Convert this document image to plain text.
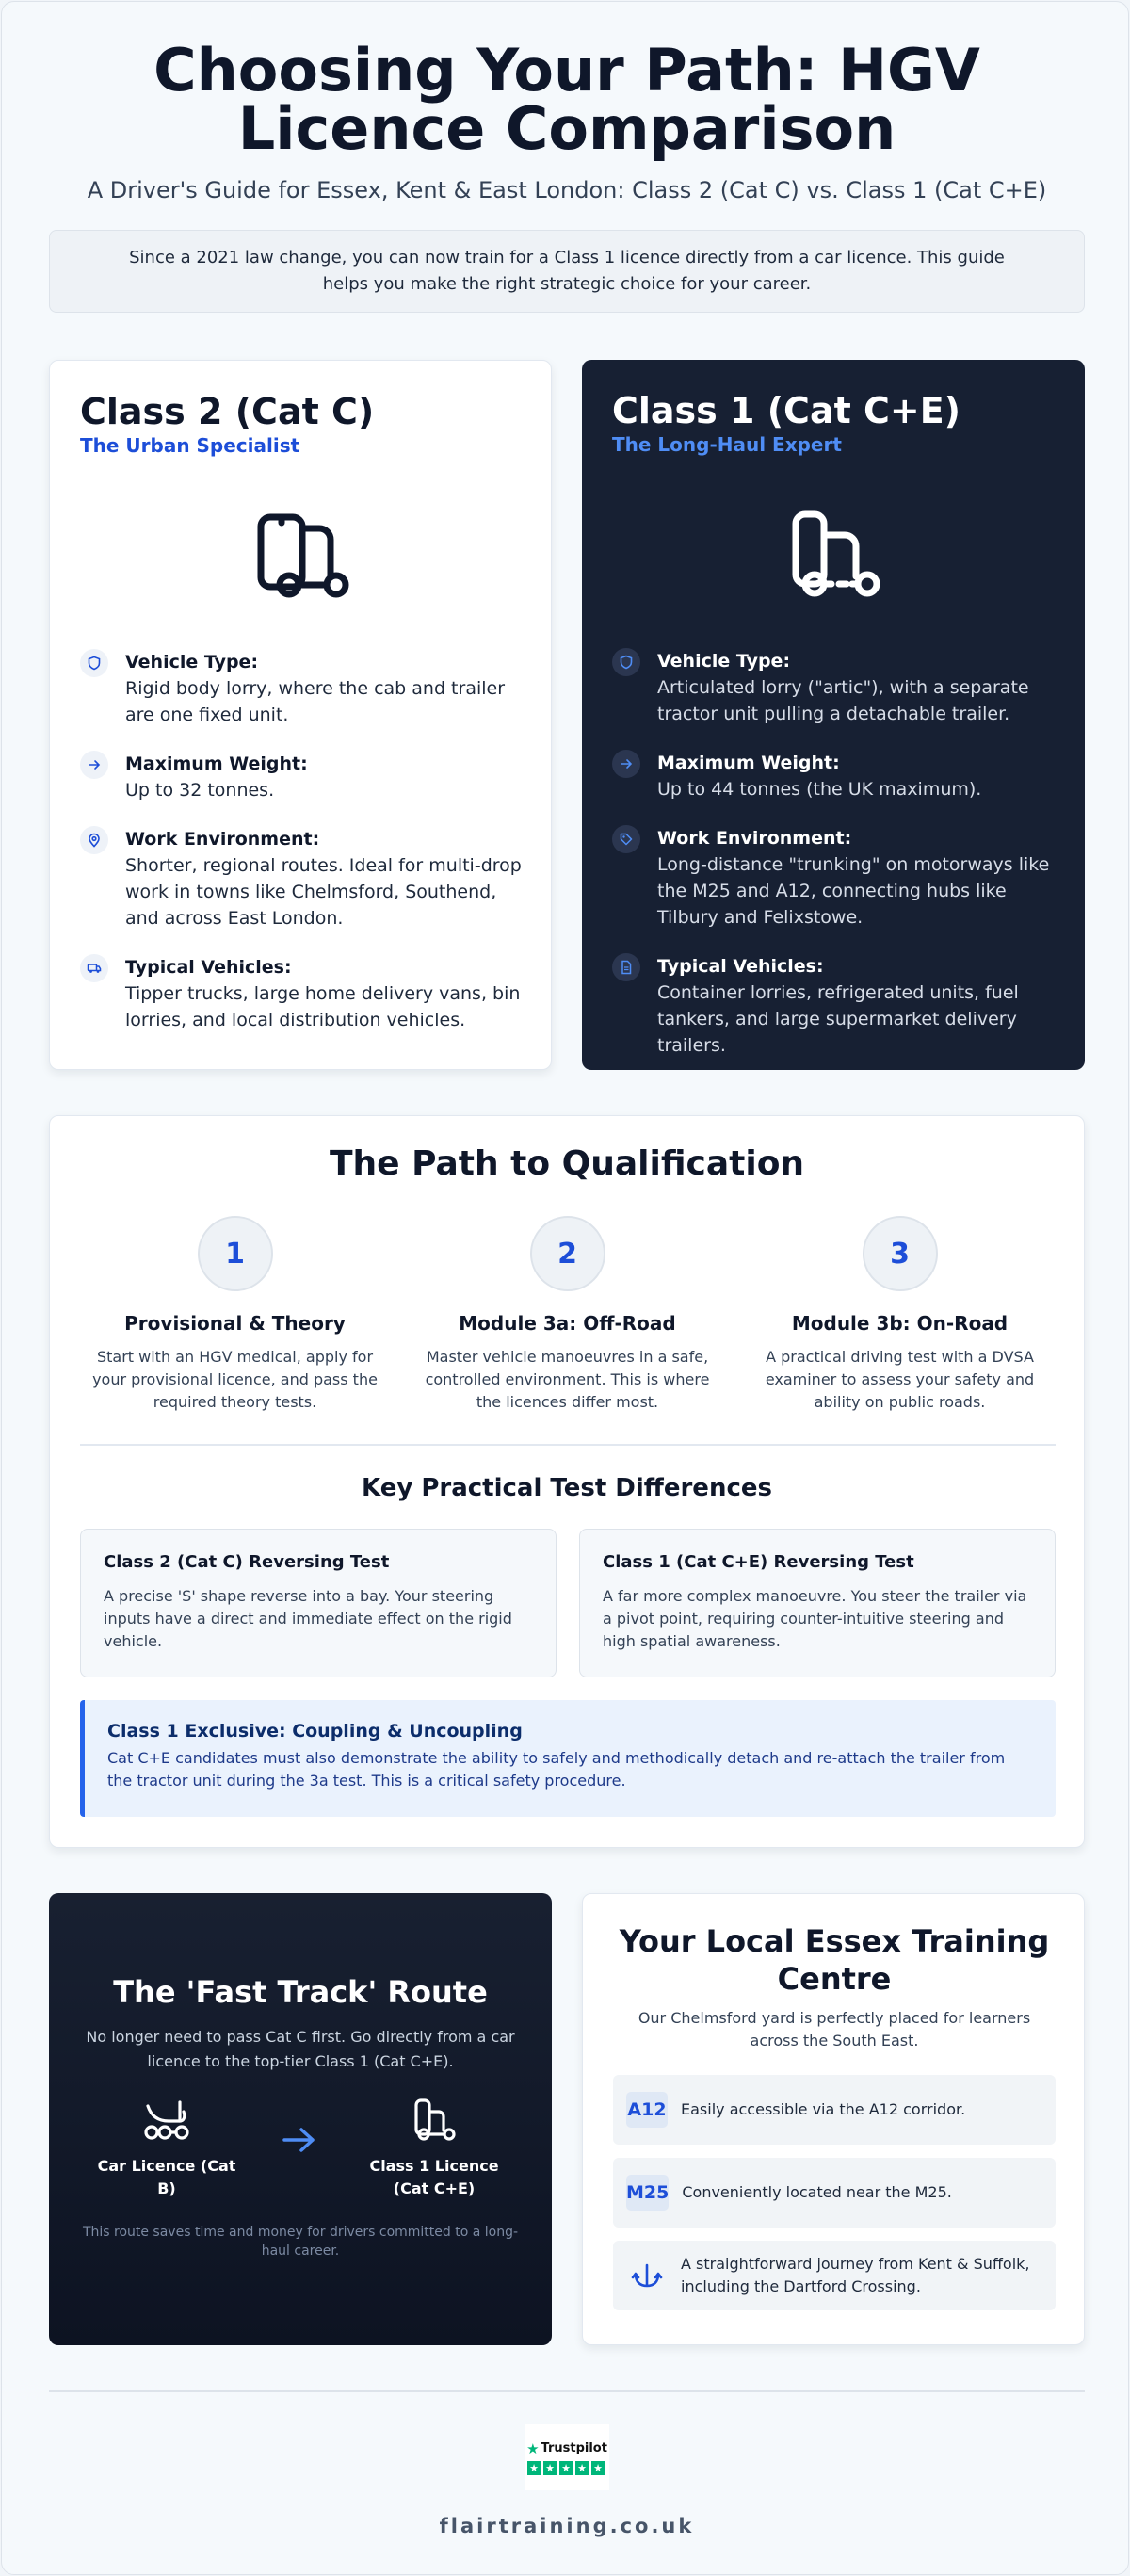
Choosing Your Path: HGV Licence Comparison

A Driver's Guide for Essex, Kent & East London: Class 2 (Cat C) vs. Class 1 (Cat C+E)

Since a 2021 law change, you can now train for a Class 1 licence directly from a car licence. This guide helps you make the right strategic choice for your career.
Class 2 (Cat C)
The Urban Specialist
Vehicle Type:
Rigid body lorry, where the cab and trailer are one fixed unit.
Maximum Weight:
Up to 32 tonnes.
Work Environment:
Shorter, regional routes. Ideal for multi-drop work in towns like Chelmsford, Southend, and across East London.
Typical Vehicles:
Tipper trucks, large home delivery vans, bin lorries, and local distribution vehicles.
Class 1 (Cat C+E)
The Long-Haul Expert
Vehicle Type:
Articulated lorry ("artic"), with a separate tractor unit pulling a detachable trailer.
Maximum Weight:
Up to 44 tonnes (the UK maximum).
Work Environment:
Long-distance "trunking" on motorways like the M25 and A12, connecting hubs like Tilbury and Felixstowe.
Typical Vehicles:
Container lorries, refrigerated units, fuel tankers, and large supermarket delivery trailers.
The Path to Qualification
1
Provisional & Theory

Start with an HGV medical, apply for your provisional licence, and pass the required theory tests.

2
Module 3a: Off-Road

Master vehicle manoeuvres in a safe, controlled environment. This is where the licences differ most.

3
Module 3b: On-Road

A practical driving test with a DVSA examiner to assess your safety and ability on public roads.

Key Practical Test Differences
Class 2 (Cat C) Reversing Test

A precise 'S' shape reverse into a bay. Your steering inputs have a direct and immediate effect on the rigid vehicle.

Class 1 (Cat C+E) Reversing Test

A far more complex manoeuvre. You steer the trailer via a pivot point, requiring counter-intuitive steering and high spatial awareness.

Class 1 Exclusive: Coupling & Uncoupling

Cat C+E candidates must also demonstrate the ability to safely and methodically detach and re-attach the trailer from the tractor unit during the 3a test. This is a critical safety procedure.

The 'Fast Track' Route

No longer need to pass Cat C first. Go directly from a car licence to the top-tier Class 1 (Cat C+E).

Car Licence (Cat B)
Class 1 Licence (Cat C+E)

This route saves time and money for drivers committed to a long-haul career.

Your Local Essex Training Centre

Our Chelmsford yard is perfectly placed for learners across the South East.

A12 Easily accessible via the A12 corridor.
M25 Conveniently located near the M25.
A straightforward journey from Kent & Suffolk, including the Dartford Crossing.
★ Trustpilot
★ ★ ★ ★ ★
flairtraining.co.uk
